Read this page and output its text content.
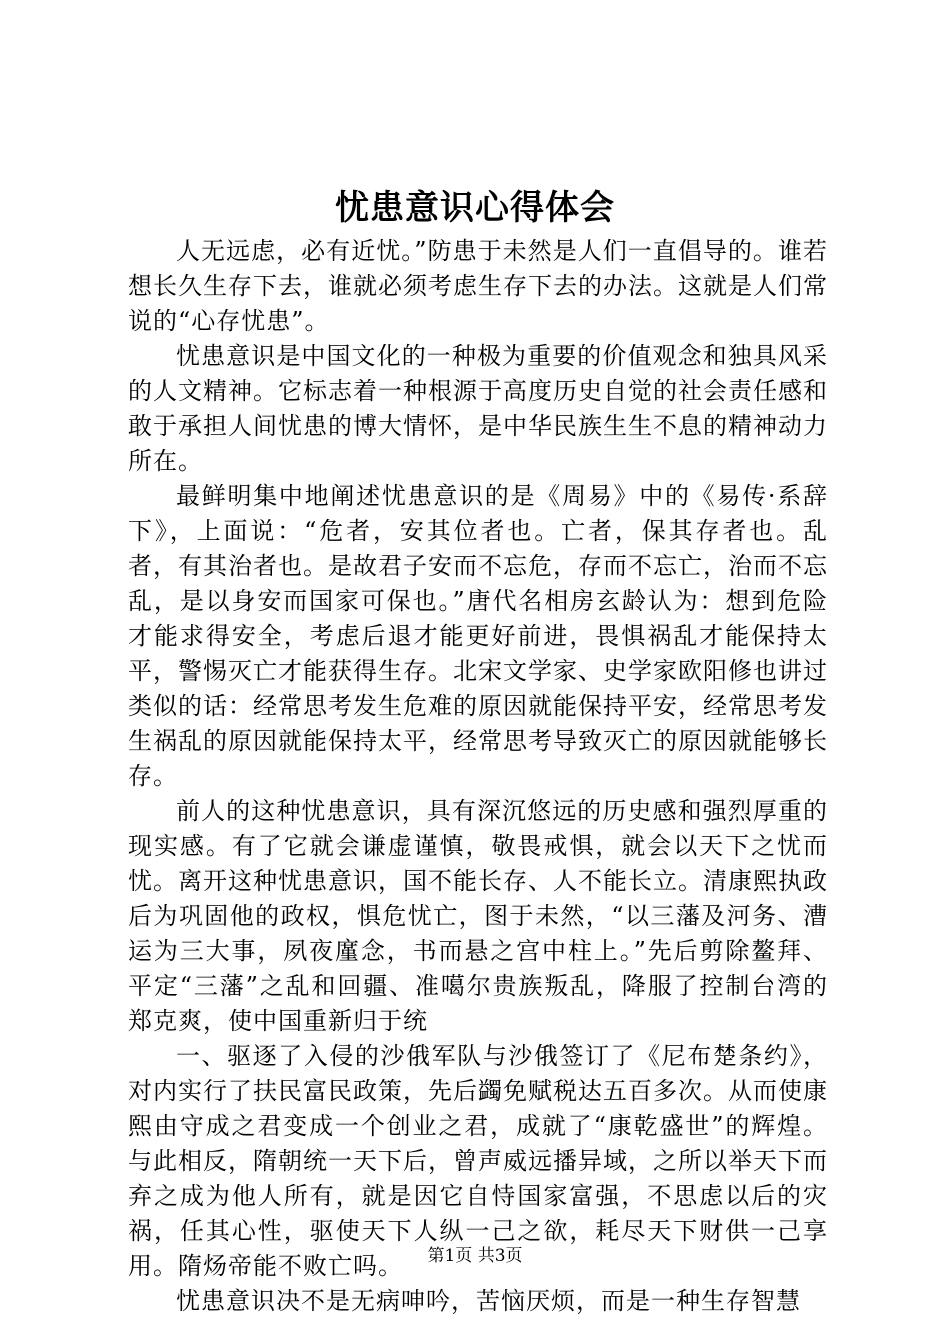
忧患意识心得体会

人无远虑，必有近忧。”防患于未然是人们一直倡导的。谁若想长久生存下去，谁就必须考虑生存下去的办法。这就是人们常说的“心存忧患”。

忧患意识是中国文化的一种极为重要的价值观念和独具风采的人文精神。它标志着一种根源于高度历史自觉的社会责任感和敢于承担人间忧患的博大情怀，是中华民族生生不息的精神动力所在。

最鲜明集中地阐述忧患意识的是《周易》中的《易传·系辞下》，上面说：“危者，安其位者也。亡者，保其存者也。乱者，有其治者也。是故君子安而不忘危，存而不忘亡，治而不忘乱，是以身安而国家可保也。”唐代名相房玄龄认为：想到危险才能求得安全，考虑后退才能更好前进，畏惧祸乱才能保持太平，警惕灭亡才能获得生存。北宋文学家、史学家欧阳修也讲过类似的话：经常思考发生危难的原因就能保持平安，经常思考发生祸乱的原因就能保持太平，经常思考导致灭亡的原因就能够长存。

前人的这种忧患意识，具有深沉悠远的历史感和强烈厚重的现实感。有了它就会谦虚谨慎，敬畏戒惧，就会以天下之忧而忧。离开这种忧患意识，国不能长存、人不能长立。清康熙执政后为巩固他的政权，惧危忧亡，图于未然，“以三藩及河务、漕运为三大事，夙夜廑念，书而悬之宫中柱上。”先后剪除鳌拜、平定“三藩”之乱和回疆、准噶尔贵族叛乱，降服了控制台湾的郑克爽，使中国重新归于统

一、驱逐了入侵的沙俄军队与沙俄签订了《尼布楚条约》，对内实行了扶民富民政策，先后蠲免赋税达五百多次。从而使康熙由守成之君变成一个创业之君，成就了“康乾盛世”的辉煌。与此相反，隋朝统一天下后，曾声威远播异域，之所以举天下而弃之成为他人所有，就是因它自恃国家富强，不思虑以后的灾祸，任其心性，驱使天下人纵一己之欲，耗尽天下财供一己享用。隋炀帝能不败亡吗。

忧患意识决不是无病呻吟，苦恼厌烦，而是一种生存智慧

第1页 共3页
